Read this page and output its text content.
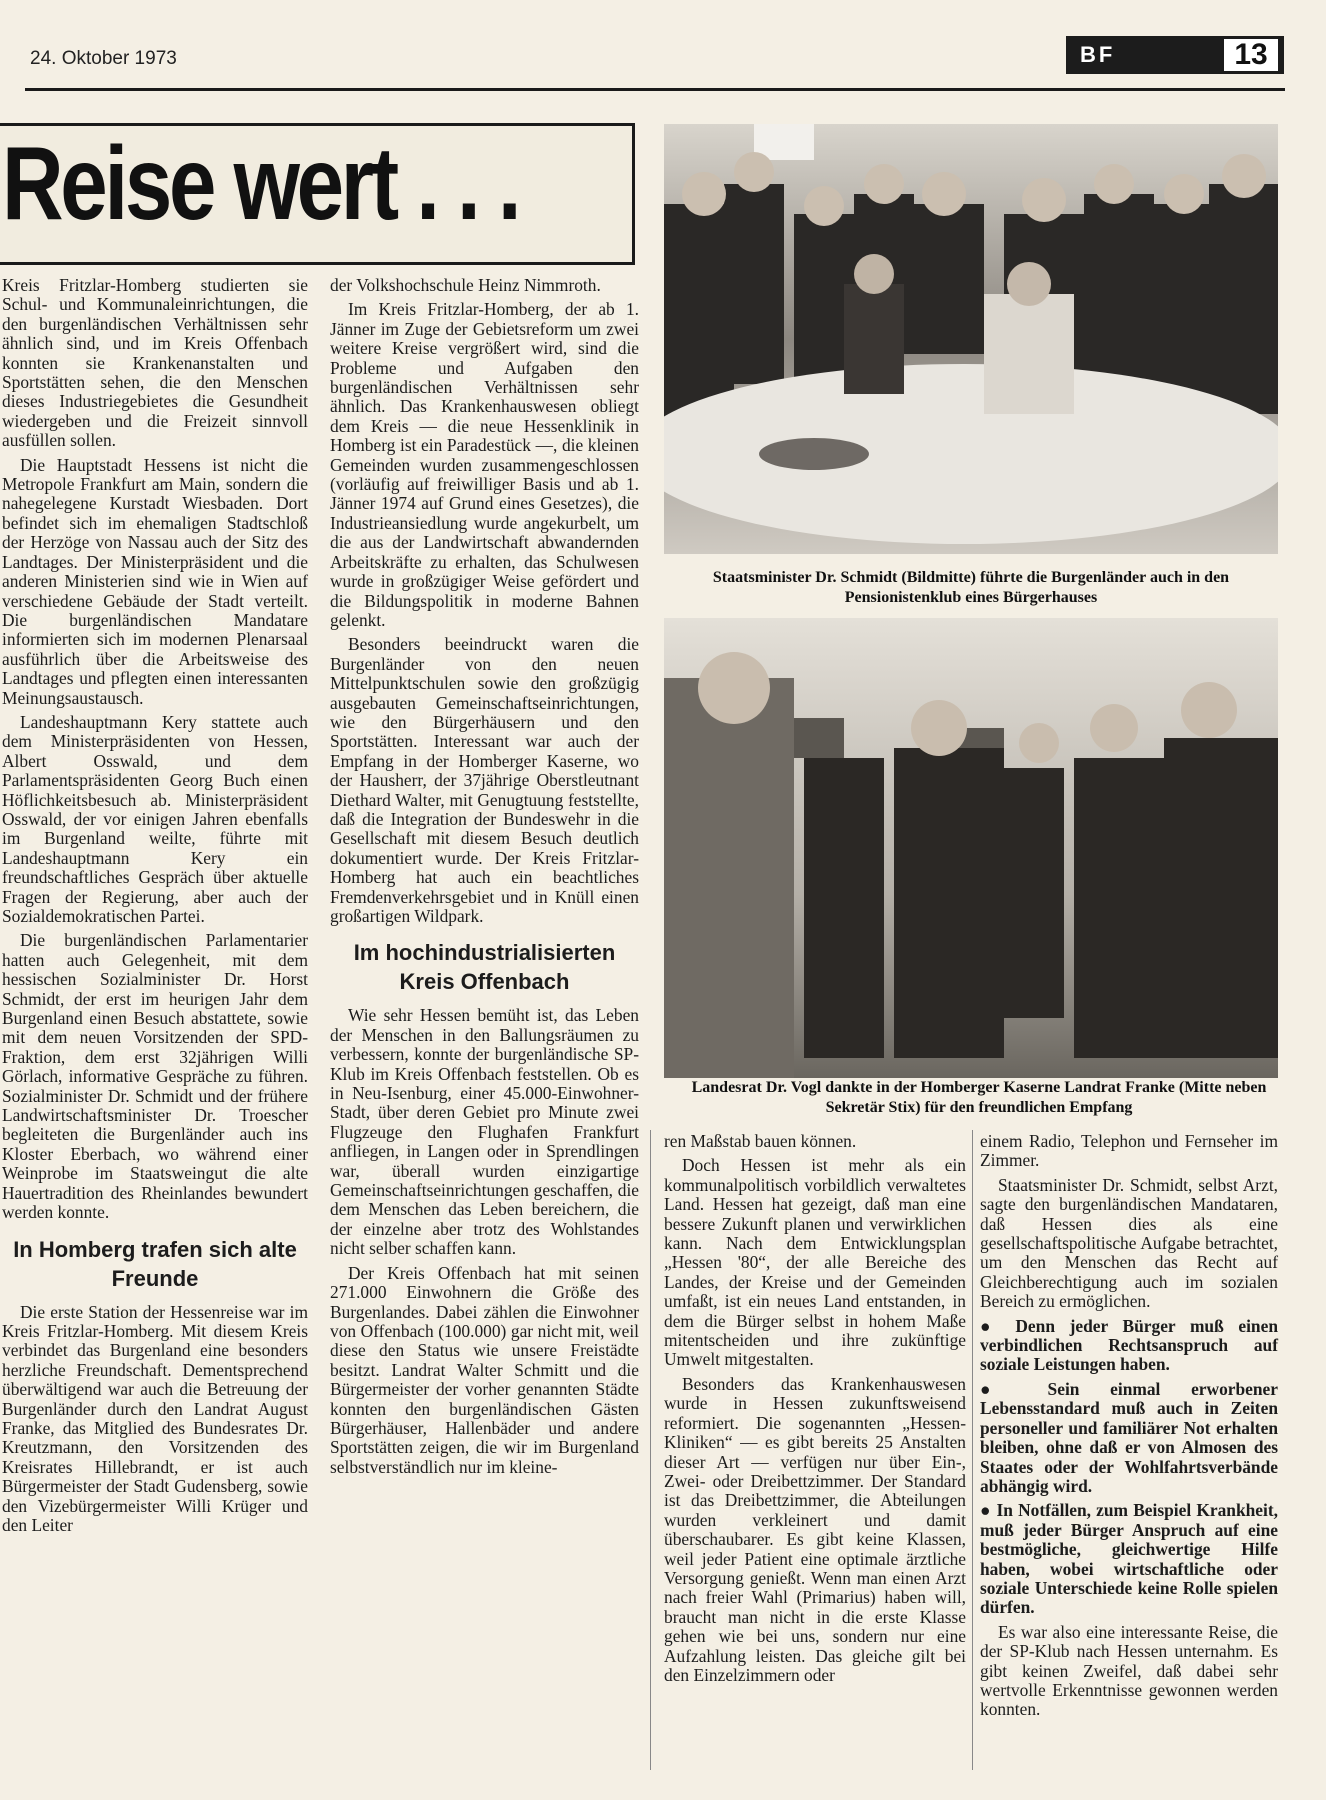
24. Oktober 1973	BF	13
Reise wert . . .

Kreis Fritzlar-Homberg studierten sie Schul- und Kommunaleinrichtungen, die den burgenländischen Verhältnissen sehr ähnlich sind, und im Kreis Offenbach konnten sie Krankenanstalten und Sportstätten sehen, die den Menschen dieses Industriegebietes die Gesundheit wiedergeben und die Freizeit sinnvoll ausfüllen sollen.

Die Hauptstadt Hessens ist nicht die Metropole Frankfurt am Main, sondern die nahegelegene Kurstadt Wiesbaden. Dort befindet sich im ehemaligen Stadtschloß der Herzöge von Nassau auch der Sitz des Landtages. Der Ministerpräsident und die anderen Ministerien sind wie in Wien auf verschiedene Gebäude der Stadt verteilt. Die burgenländischen Mandatare informierten sich im modernen Plenarsaal ausführlich über die Arbeitsweise des Landtages und pflegten einen interessanten Meinungsaustausch.

Landeshauptmann Kery stattete auch dem Ministerpräsidenten von Hessen, Albert Osswald, und dem Parlamentspräsidenten Georg Buch einen Höflichkeitsbesuch ab. Ministerpräsident Osswald, der vor einigen Jahren ebenfalls im Burgenland weilte, führte mit Landeshauptmann Kery ein freundschaftliches Gespräch über aktuelle Fragen der Regierung, aber auch der Sozialdemokratischen Partei.

Die burgenländischen Parlamentarier hatten auch Gelegenheit, mit dem hessischen Sozialminister Dr. Horst Schmidt, der erst im heurigen Jahr dem Burgenland einen Besuch abstattete, sowie mit dem neuen Vorsitzenden der SPD-Fraktion, dem erst 32jährigen Willi Görlach, informative Gespräche zu führen. Sozialminister Dr. Schmidt und der frühere Landwirtschaftsminister Dr. Troescher begleiteten die Burgenländer auch ins Kloster Eberbach, wo während einer Weinprobe im Staatsweingut die alte Hauertradition des Rheinlandes bewundert werden konnte.

In Homberg trafen sich alte Freunde

Die erste Station der Hessenreise war im Kreis Fritzlar-Homberg. Mit diesem Kreis verbindet das Burgenland eine besonders herzliche Freundschaft. Dementsprechend überwältigend war auch die Betreuung der Burgenländer durch den Landrat August Franke, das Mitglied des Bundesrates Dr. Kreutzmann, den Vorsitzenden des Kreisrates Hillebrandt, er ist auch Bürgermeister der Stadt Gudensberg, sowie den Vizebürgermeister Willi Krüger und den Leiter

der Volkshochschule Heinz Nimmroth.

Im Kreis Fritzlar-Homberg, der ab 1. Jänner im Zuge der Gebietsreform um zwei weitere Kreise vergrößert wird, sind die Probleme und Aufgaben den burgenländischen Verhältnissen sehr ähnlich. Das Krankenhauswesen obliegt dem Kreis — die neue Hessenklinik in Homberg ist ein Paradestück —, die kleinen Gemeinden wurden zusammengeschlossen (vorläufig auf freiwilliger Basis und ab 1. Jänner 1974 auf Grund eines Gesetzes), die Industrieansiedlung wurde angekurbelt, um die aus der Landwirtschaft abwandernden Arbeitskräfte zu erhalten, das Schulwesen wurde in großzügiger Weise gefördert und die Bildungspolitik in moderne Bahnen gelenkt.

Besonders beeindruckt waren die Burgenländer von den neuen Mittelpunktschulen sowie den großzügig ausgebauten Gemeinschaftseinrichtungen, wie den Bürgerhäusern und den Sportstätten. Interessant war auch der Empfang in der Homberger Kaserne, wo der Hausherr, der 37jährige Oberstleutnant Diethard Walter, mit Genugtuung feststellte, daß die Integration der Bundeswehr in die Gesellschaft mit diesem Besuch deutlich dokumentiert wurde. Der Kreis Fritzlar-Homberg hat auch ein beachtliches Fremdenverkehrsgebiet und in Knüll einen großartigen Wildpark.

Im hochindustrialisierten Kreis Offenbach

Wie sehr Hessen bemüht ist, das Leben der Menschen in den Ballungsräumen zu verbessern, konnte der burgenländische SP-Klub im Kreis Offenbach feststellen. Ob es in Neu-Isenburg, einer 45.000-Einwohner-Stadt, über deren Gebiet pro Minute zwei Flugzeuge den Flughafen Frankfurt anfliegen, in Langen oder in Sprendlingen war, überall wurden einzigartige Gemeinschaftseinrichtungen geschaffen, die dem Menschen das Leben bereichern, die der einzelne aber trotz des Wohlstandes nicht selber schaffen kann.

Der Kreis Offenbach hat mit seinen 271.000 Einwohnern die Größe des Burgenlandes. Dabei zählen die Einwohner von Offenbach (100.000) gar nicht mit, weil diese den Status wie unsere Freistädte besitzt. Landrat Walter Schmitt und die Bürgermeister der vorher genannten Städte konnten den burgenländischen Gästen Bürgerhäuser, Hallenbäder und andere Sportstätten zeigen, die wir im Burgenland selbstverständlich nur im kleine-

Staatsminister Dr. Schmidt (Bildmitte) führte die Burgenländer auch in den Pensionistenklub eines Bürgerhauses
Landesrat Dr. Vogl dankte in der Homberger Kaserne Landrat Franke (Mitte neben Sekretär Stix) für den freundlichen Empfang

ren Maßstab bauen können.

Doch Hessen ist mehr als ein kommunalpolitisch vorbildlich verwaltetes Land. Hessen hat gezeigt, daß man eine bessere Zukunft planen und verwirklichen kann. Nach dem Entwicklungsplan „Hessen '80“, der alle Bereiche des Landes, der Kreise und der Gemeinden umfaßt, ist ein neues Land entstanden, in dem die Bürger selbst in hohem Maße mitentscheiden und ihre zukünftige Umwelt mitgestalten.

Besonders das Krankenhauswesen wurde in Hessen zukunftsweisend reformiert. Die sogenannten „Hessen-Kliniken“ — es gibt bereits 25 Anstalten dieser Art — verfügen nur über Ein-, Zwei- oder Dreibettzimmer. Der Standard ist das Dreibettzimmer, die Abteilungen wurden verkleinert und damit überschaubarer. Es gibt keine Klassen, weil jeder Patient eine optimale ärztliche Versorgung genießt. Wenn man einen Arzt nach freier Wahl (Primarius) haben will, braucht man nicht in die erste Klasse gehen wie bei uns, sondern nur eine Aufzahlung leisten. Das gleiche gilt bei den Einzelzimmern oder

einem Radio, Telephon und Fernseher im Zimmer.

Staatsminister Dr. Schmidt, selbst Arzt, sagte den burgenländischen Mandataren, daß Hessen dies als eine gesellschaftspolitische Aufgabe betrachtet, um den Menschen das Recht auf Gleichberechtigung auch im sozialen Bereich zu ermöglichen.

● Denn jeder Bürger muß einen verbindlichen Rechtsanspruch auf soziale Leistungen haben.

● Sein einmal erworbener Lebensstandard muß auch in Zeiten personeller und familiärer Not erhalten bleiben, ohne daß er von Almosen des Staates oder der Wohlfahrtsverbände abhängig wird.

● In Notfällen, zum Beispiel Krankheit, muß jeder Bürger Anspruch auf eine bestmögliche, gleichwertige Hilfe haben, wobei wirtschaftliche oder soziale Unterschiede keine Rolle spielen dürfen.

Es war also eine interessante Reise, die der SP-Klub nach Hessen unternahm. Es gibt keinen Zweifel, daß dabei sehr wertvolle Erkenntnisse gewonnen werden konnten.
